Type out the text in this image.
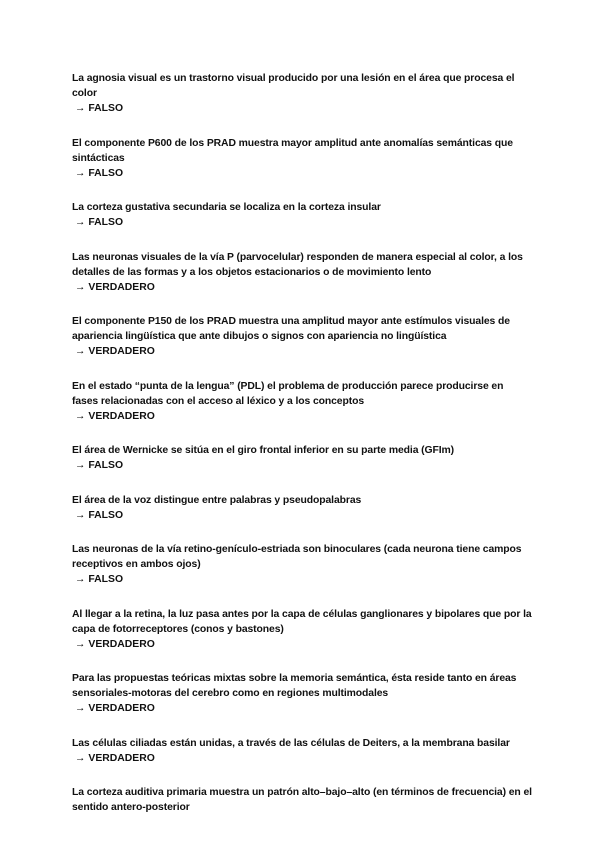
La agnosia visual es un trastorno visual producido por una lesión en el área que procesa el color

→ FALSO

El componente P600 de los PRAD muestra mayor amplitud ante anomalías semánticas que sintácticas

→ FALSO

La corteza gustativa secundaria se localiza en la corteza insular

→ FALSO

Las neuronas visuales de la vía P (parvocelular) responden de manera especial al color, a los detalles de las formas y a los objetos estacionarios o de movimiento lento

→ VERDADERO

El componente P150 de los PRAD muestra una amplitud mayor ante estímulos visuales de apariencia lingüística que ante dibujos o signos con apariencia no lingüística

→ VERDADERO

En el estado “punta de la lengua” (PDL) el problema de producción parece producirse en fases relacionadas con el acceso al léxico y a los conceptos

→ VERDADERO

El área de Wernicke se sitúa en el giro frontal inferior en su parte media (GFIm)

→ FALSO

El área de la voz distingue entre palabras y pseudopalabras

→ FALSO

Las neuronas de la vía retino-genículo-estriada son binoculares (cada neurona tiene campos receptivos en ambos ojos)

→ FALSO

Al llegar a la retina, la luz pasa antes por la capa de células ganglionares y bipolares que por la capa de fotorreceptores (conos y bastones)

→ VERDADERO

Para las propuestas teóricas mixtas sobre la memoria semántica, ésta reside tanto en áreas sensoriales-motoras del cerebro como en regiones multimodales

→ VERDADERO

Las células ciliadas están unidas, a través de las células de Deiters, a la membrana basilar

→ VERDADERO

La corteza auditiva primaria muestra un patrón alto–bajo–alto (en términos de frecuencia) en el sentido antero-posterior
